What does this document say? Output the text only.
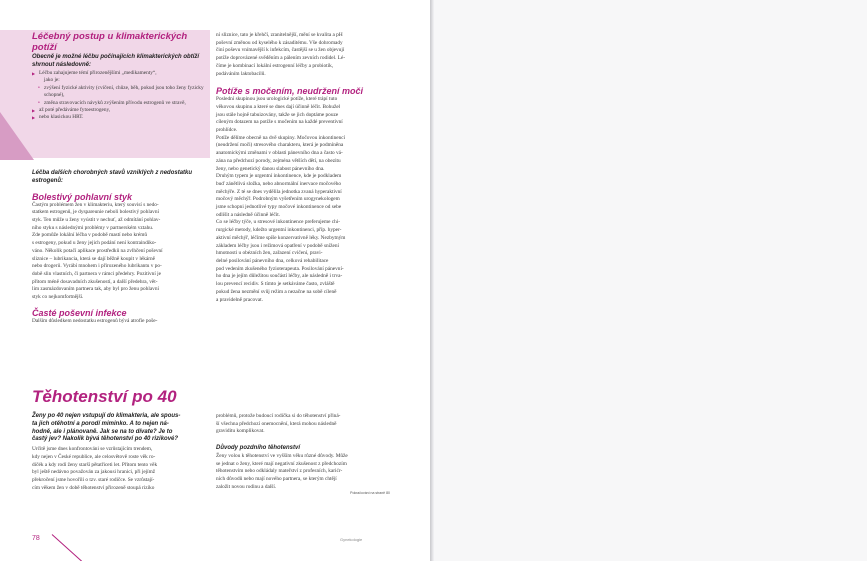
Léčebný postup u klimakterických potíží

Obecně je možné léčbu počínajících klimakterických obtíží shrnout následovně:

▶ Léčbu zahajujeme témí přirozenějšími „medikamenty“,

jako je:

• zvýšení fyzické aktivity (cvičení, chůze, běh, pokud jsou toho ženy fyzicky schopné),

• změna stravovacích návyků zvýšením přívodu estrogenů ve stravě,

▶ až poté předáváme fytoestrogeny,

▶ nebo klasickou HRT.

Léčba dalších chorobných stavů vzniklých z nedostatku estrogenů:

Bolestivý pohlavní styk

Častým problémem žen v klimakteriu, který souvisí s nedo-

statkem estrogenů, je dyspareunie neboli bolestivý pohlavní

styk. Ten může u ženy vyústit v nechuť, až odmítání pohlav-

ního styku s následnými problémy v partnerském vztahu.

Zde pomůže lokální léčba v podobě mastí nebo krémů

s estrogeny, pokud u ženy jejich podání není kontraindiko-

váno. Několik potačí aplikace prostředků na zvlhčení poševní

sliznice – lubrikancia, která se dají běžně koupit v lékárně

nebo drogerii. Vyrábí mnohem i přirozeného lubrikantu v po-

době slin vlastních, či partnera v rámci předehry. Pozitivní je

přitom méně dosavadních zkušeností, a další předehra, vět-

lim zasmázdovaním partnera tak, aby byl pro ženu pohlavní

styk co nejkomfortnější.

Časté poševní infekce

Dalším důsledkem nedostatku estrogenů bývá atrofie poše-

ní sliznice, tato je křehčí, zranitelnější, mění se kvalita a pH

poševní změnou od kyselého k zásaditému. Vše dohromady

činí poševu vnímavější k infekcím, častější se u žen objevují

potíže doprovázené svěděním a pálením zevních rodidel. Lé-

číme je kombinací lokální estrogenní léčby a probiotik,

podáváním laktobacilů.

Potíže s močením, neudržení moči

Poslední skupinou jsou urologické potíže, které trápí tuto

věkovou skupinu a které se dnes dají účinně léčit. Bohužel

jsou stále hojně tabuizovány, takže se jich doptáme pouze

cíleným dotazem na potíže s močením na každé preventivní

prohlídce.

Potíže dělíme obecně na dvě skupiny. Močovou inkontinencí

(neudržení moči) stresového charakteru, která je podmíněna

anatomickými změnami v oblasti pánevního dna a často vá-

zána na předchozí porody, zejména větších dětí, na obezitu

ženy, nebo genetický danou slabost pánevního dna.

Druhým typem je urgentní inkontinence, kde je podkladem

buď zánětlivá složka, nebo abnormální inervace močového

měchýře. Z té se dnes vydělila jednotka zvaná hyperaktivní

močový měchýř. Podrobným vyšetřením urogynekologem

jsme schopni jednotlivé typy močové inkontinence od sebe

odlišit a následně účinně léčit.

Co se léčby týče, u stresové inkontinence preferujeme chi-

rurgické metody, kdežto urgentní inkontinenci, příp. hyper-

aktivní měchýř, léčíme spíše konzervativně léky. Nezbytným

základem léčby jsou i režimová opatření v podobě snížení

hmotnosti u obézních žen, zařazení cvičení, pravi-

delné posilování pánevního dna, celková rehabilitace

pod vedením zkušeného fyzioterapeuta. Posilování pánevní-

ho dna je jejím důležitou součástí léčby, ale následně i trva-

lou prevencí recidiv. S tímto je setkáváme často, zvláště

pokud žena nezmění svůj režim a nezačne na sobě cíleně

a pravidelně pracovat.

Těhotenství po 40

Ženy po 40 nejen vstupují do klimakteria, ale spous-

ta jich otěhotní a porodí miminko. A to nejen ná-

hodně, ale i plánovaně. Jak se na to dívate? Je to

častý jev? Nakolik bývá těhotenství po 40 rizikové?

Určitě jsme dnes konfrontováni se vzrůstajícím trendem,

kdy nejen v České republice, ale celosvětově roste věk ro-

dičék a kdy rodí ženy starší pětatřiceti let. Přitom tento věk

byl ještě nedávno považován za jakousi hranici, při jejímž

překročení jsme hovořili o tzv. staré rodičce. Se vzrůstají-

cím věkem žen v době těhotenství přirozeně stoupá riziko

problémů, protože budoucí rodička si do těhotenství přiná-

ší všechna předchozí onemocnění, která mohou následně

graviditu komplikovat.

Důvody pozdního těhotenství

Ženy volou k těhotenství ve vyšším věku různé důvody. Může

se jednat o ženy, které mají negativní zkušenost z předchozím

těhotenstvím nebo odkládaly mateřství z profesních, karićr-

ních důvodů nebo mají nového partnera, se kterým chtějí

založit novou rodinu a další.

Pokračování na straně 80

78	Gynekologie
